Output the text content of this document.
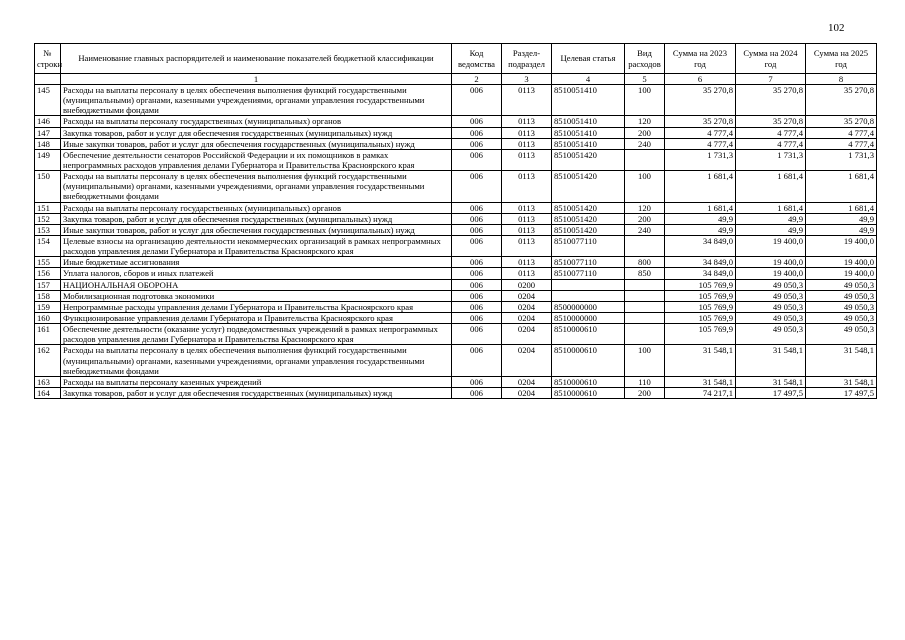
102
№ строки	Наименование главных распорядителей и наименование показателей бюджетной классификации	Код ведомства	Раздел-подраздел	Целевая статья	Вид расходов	Сумма на 2023 год	Сумма на 2024 год	Сумма на 2025 год
	1	2	3	4	5	6	7	8
145	Расходы на выплаты персоналу в целях обеспечения выполнения функций государственными (муниципальными) органами, казенными учреждениями, органами управления государственными внебюджетными фондами	006	0113	8510051410	100	35 270,8	35 270,8	35 270,8
146	Расходы на выплаты персоналу государственных (муниципальных) органов	006	0113	8510051410	120	35 270,8	35 270,8	35 270,8
147	Закупка товаров, работ и услуг для обеспечения государственных (муниципальных) нужд	006	0113	8510051410	200	4 777,4	4 777,4	4 777,4
148	Иные закупки товаров, работ и услуг для обеспечения государственных (муниципальных) нужд	006	0113	8510051410	240	4 777,4	4 777,4	4 777,4
149	Обеспечение деятельности сенаторов Российской Федерации и их помощников в рамках непрограммных расходов управления делами Губернатора и Правительства Красноярского края	006	0113	8510051420		1 731,3	1 731,3	1 731,3
150	Расходы на выплаты персоналу в целях обеспечения выполнения функций государственными (муниципальными) органами, казенными учреждениями, органами управления государственными внебюджетными фондами	006	0113	8510051420	100	1 681,4	1 681,4	1 681,4
151	Расходы на выплаты персоналу государственных (муниципальных) органов	006	0113	8510051420	120	1 681,4	1 681,4	1 681,4
152	Закупка товаров, работ и услуг для обеспечения государственных (муниципальных) нужд	006	0113	8510051420	200	49,9	49,9	49,9
153	Иные закупки товаров, работ и услуг для обеспечения государственных (муниципальных) нужд	006	0113	8510051420	240	49,9	49,9	49,9
154	Целевые взносы на организацию деятельности некоммерческих организаций в рамках непрограммных расходов управления делами Губернатора и Правительства Красноярского края	006	0113	8510077110		34 849,0	19 400,0	19 400,0
155	Иные бюджетные ассигнования	006	0113	8510077110	800	34 849,0	19 400,0	19 400,0
156	Уплата налогов, сборов и иных платежей	006	0113	8510077110	850	34 849,0	19 400,0	19 400,0
157	НАЦИОНАЛЬНАЯ ОБОРОНА	006	0200			105 769,9	49 050,3	49 050,3
158	Мобилизационная подготовка экономики	006	0204			105 769,9	49 050,3	49 050,3
159	Непрограммные расходы управления делами Губернатора и Правительства Красноярского края	006	0204	8500000000		105 769,9	49 050,3	49 050,3
160	Функционирование управления делами Губернатора и Правительства Красноярского края	006	0204	8510000000		105 769,9	49 050,3	49 050,3
161	Обеспечение деятельности (оказание услуг) подведомственных учреждений в рамках непрограммных расходов управления делами Губернатора и Правительства Красноярского края	006	0204	8510000610		105 769,9	49 050,3	49 050,3
162	Расходы на выплаты персоналу в целях обеспечения выполнения функций государственными (муниципальными) органами, казенными учреждениями, органами управления государственными внебюджетными фондами	006	0204	8510000610	100	31 548,1	31 548,1	31 548,1
163	Расходы на выплаты персоналу казенных учреждений	006	0204	8510000610	110	31 548,1	31 548,1	31 548,1
164	Закупка товаров, работ и услуг для обеспечения государственных (муниципальных) нужд	006	0204	8510000610	200	74 217,1	17 497,5	17 497,5
